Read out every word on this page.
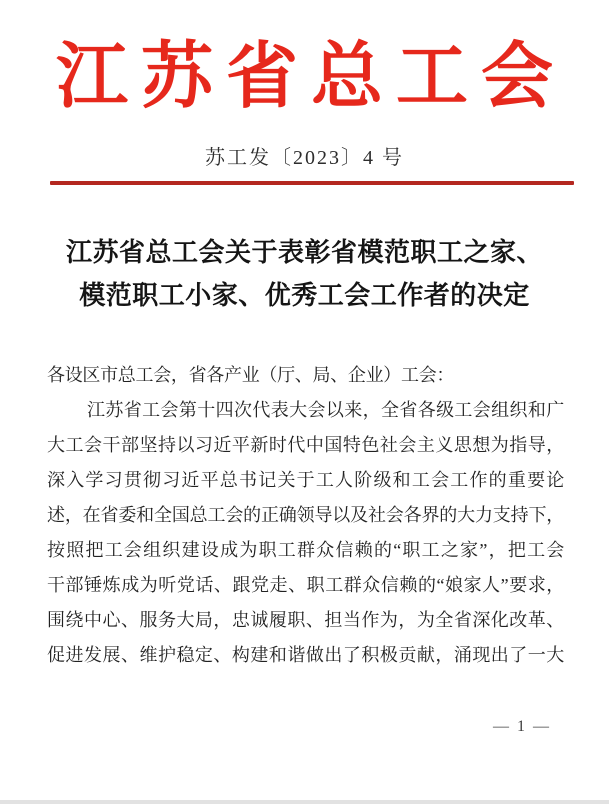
江苏省总工会
苏工发〔2023〕4 号
江苏省总工会关于表彰省模范职工之家、
模范职工小家、优秀工会工作者的决定
各设区市总工会，省各产业（厅、局、企业）工会：
江苏省工会第十四次代表大会以来，全省各级工会组织和广
大工会干部坚持以习近平新时代中国特色社会主义思想为指导，
深入学习贯彻习近平总书记关于工人阶级和工会工作的重要论
述，在省委和全国总工会的正确领导以及社会各界的大力支持下，
按照把工会组织建设成为职工群众信赖的“职工之家”，把工会
干部锤炼成为听党话、跟党走、职工群众信赖的“娘家人”要求，
围绕中心、服务大局，忠诚履职、担当作为，为全省深化改革、
促进发展、维护稳定、构建和谐做出了积极贡献，涌现出了一大
— 1 —
